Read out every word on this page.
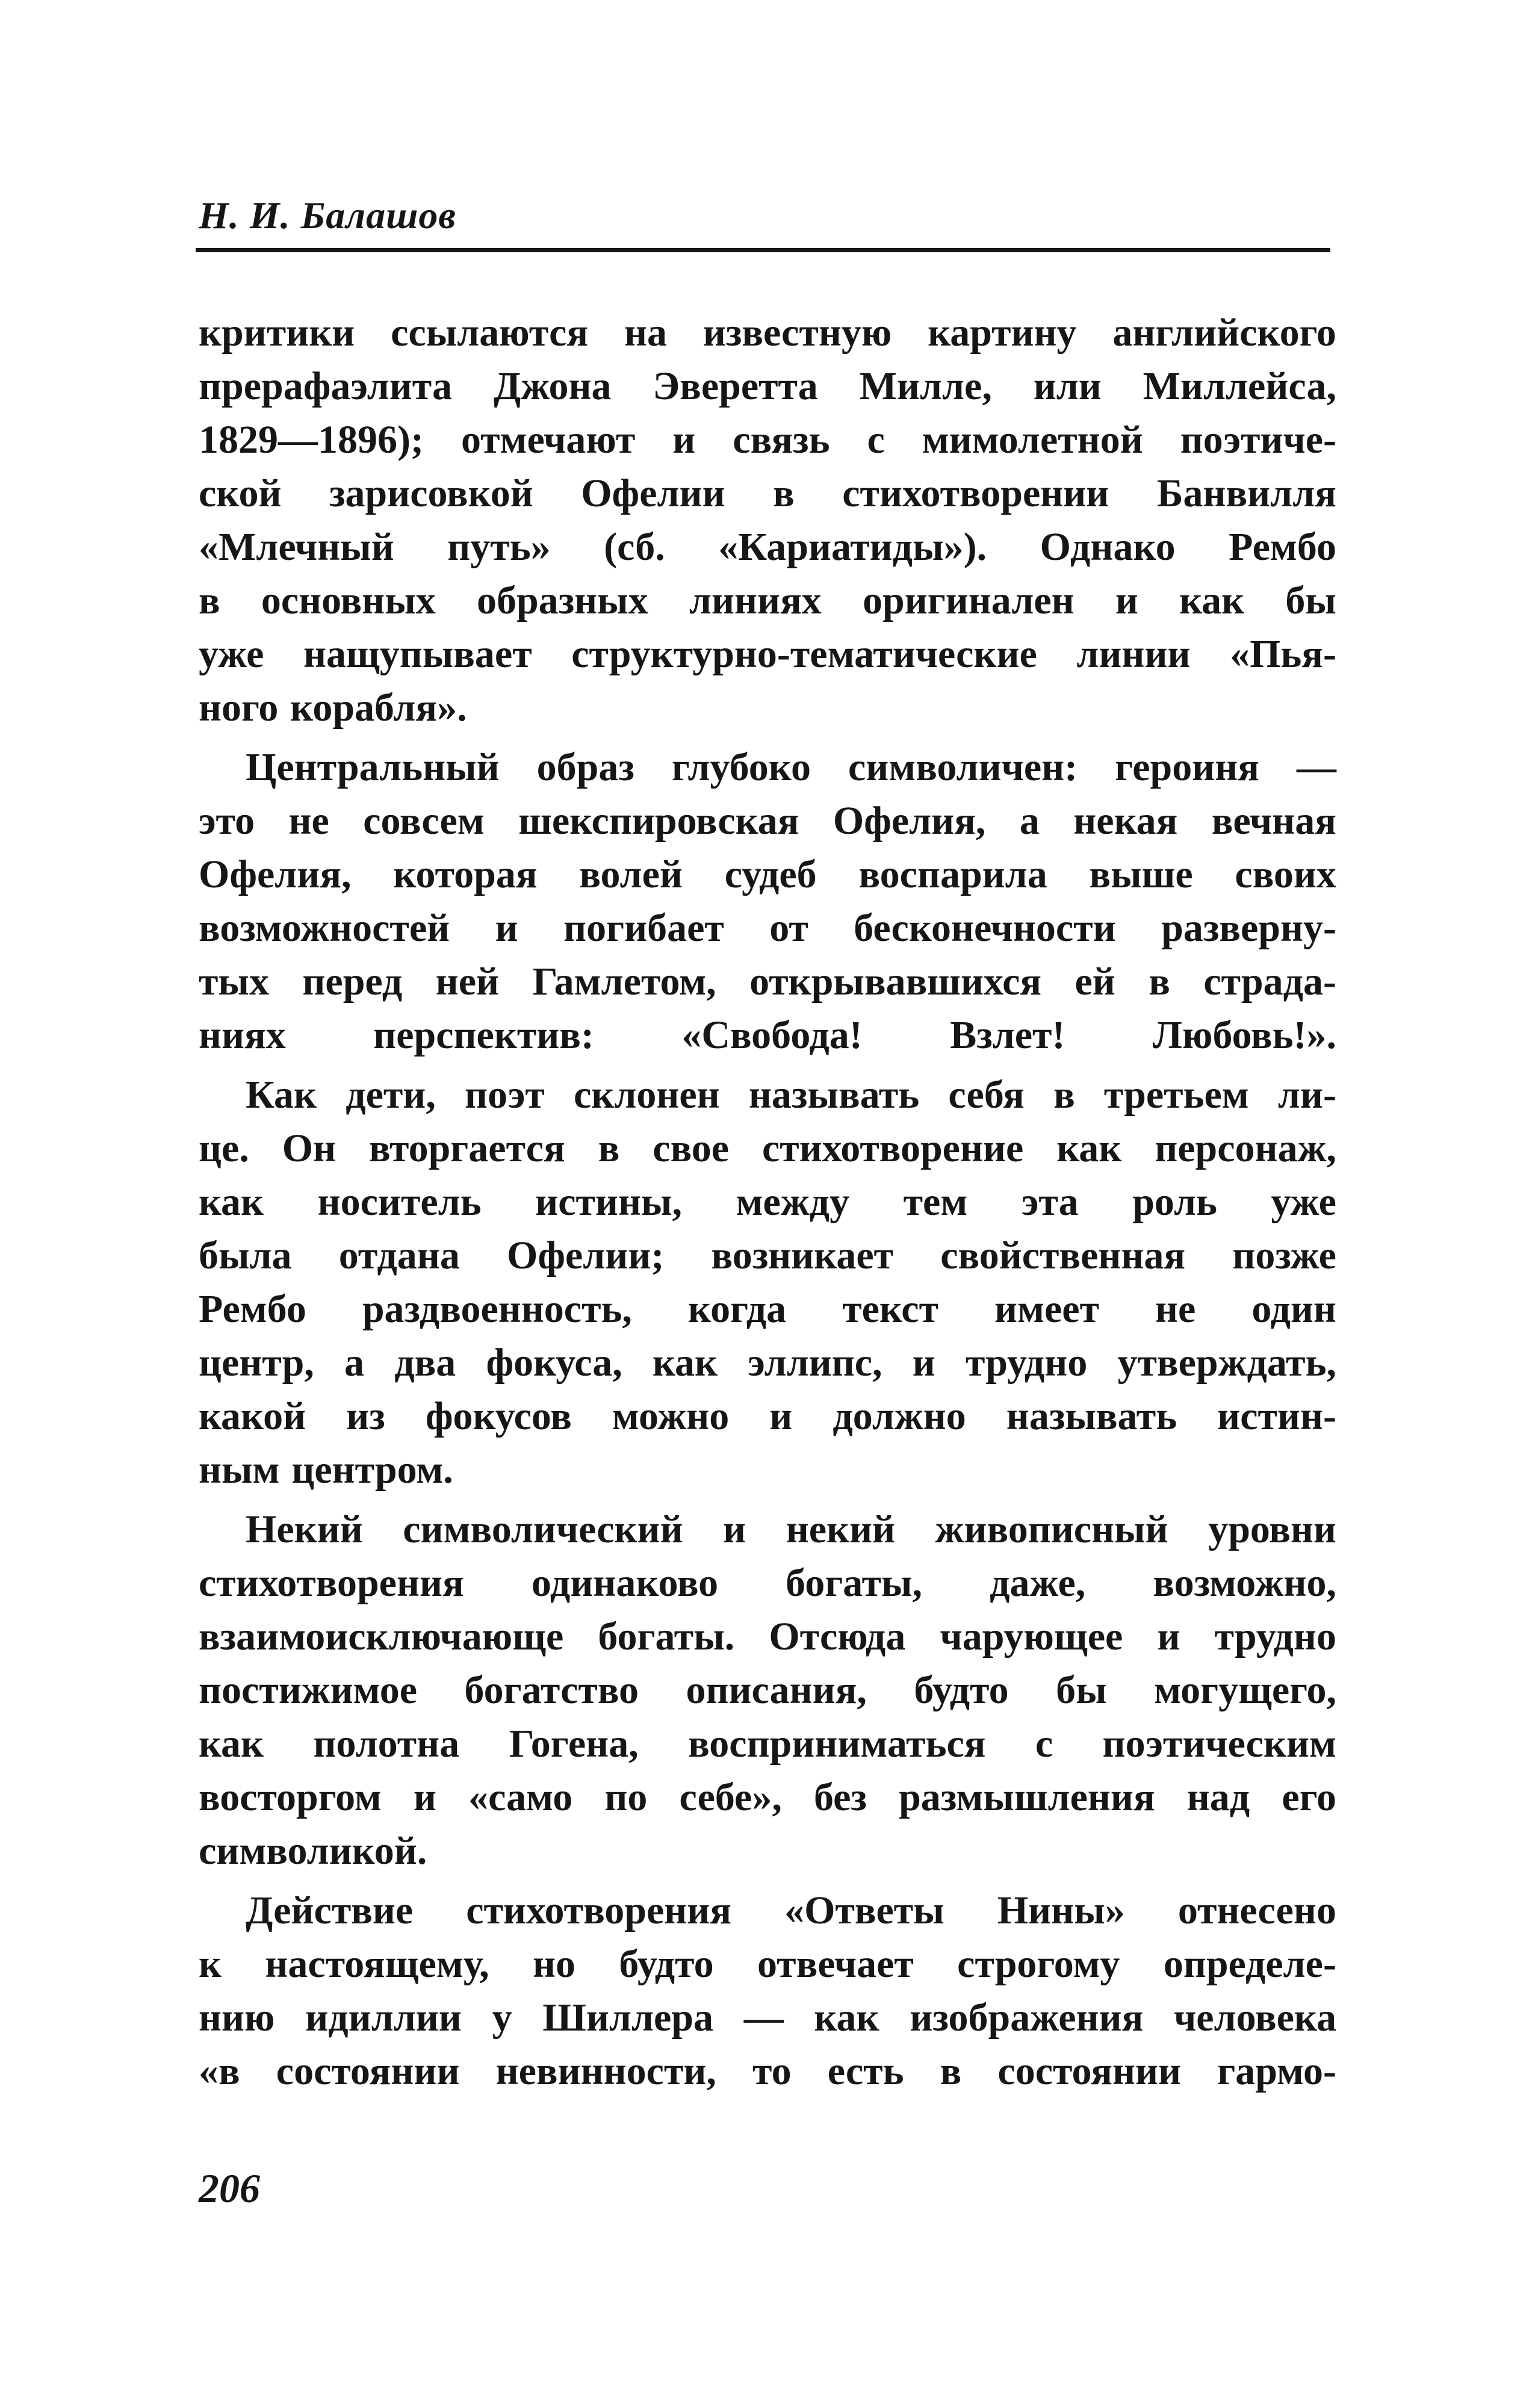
Н. И. Балашов
критики ссылаются на известную картину английского
прерафаэлита Джона Эверетта Милле, или Миллейса,
1829—1896); отмечают и связь с мимолетной поэтиче-
ской зарисовкой Офелии в стихотворении Банвилля
«Млечный путь» (сб. «Кариатиды»). Однако Рембо
в основных образных линиях оригинален и как бы
уже нащупывает структурно-тематические линии «Пья-
ного корабля».
Центральный образ глубоко символичен: героиня —
это не совсем шекспировская Офелия, а некая вечная
Офелия, которая волей судеб воспарила выше своих
возможностей и погибает от бесконечности разверну-
тых перед ней Гамлетом, открывавшихся ей в страда-
ниях перспектив: «Свобода! Взлет! Любовь!».
Как дети, поэт склонен называть себя в третьем ли-
це. Он вторгается в свое стихотворение как персонаж,
как носитель истины, между тем эта роль уже
была отдана Офелии; возникает свойственная позже
Рембо раздвоенность, когда текст имеет не один
центр, а два фокуса, как эллипс, и трудно утверждать,
какой из фокусов можно и должно называть истин-
ным центром.
Некий символический и некий живописный уровни
стихотворения одинаково богаты, даже, возможно,
взаимоисключающе богаты. Отсюда чарующее и трудно
постижимое богатство описания, будто бы могущего,
как полотна Гогена, восприниматься с поэтическим
восторгом и «само по себе», без размышления над его
символикой.
Действие стихотворения «Ответы Нины» отнесено
к настоящему, но будто отвечает строгому определе-
нию идиллии у Шиллера — как изображения человека
«в состоянии невинности, то есть в состоянии гармо-
206
